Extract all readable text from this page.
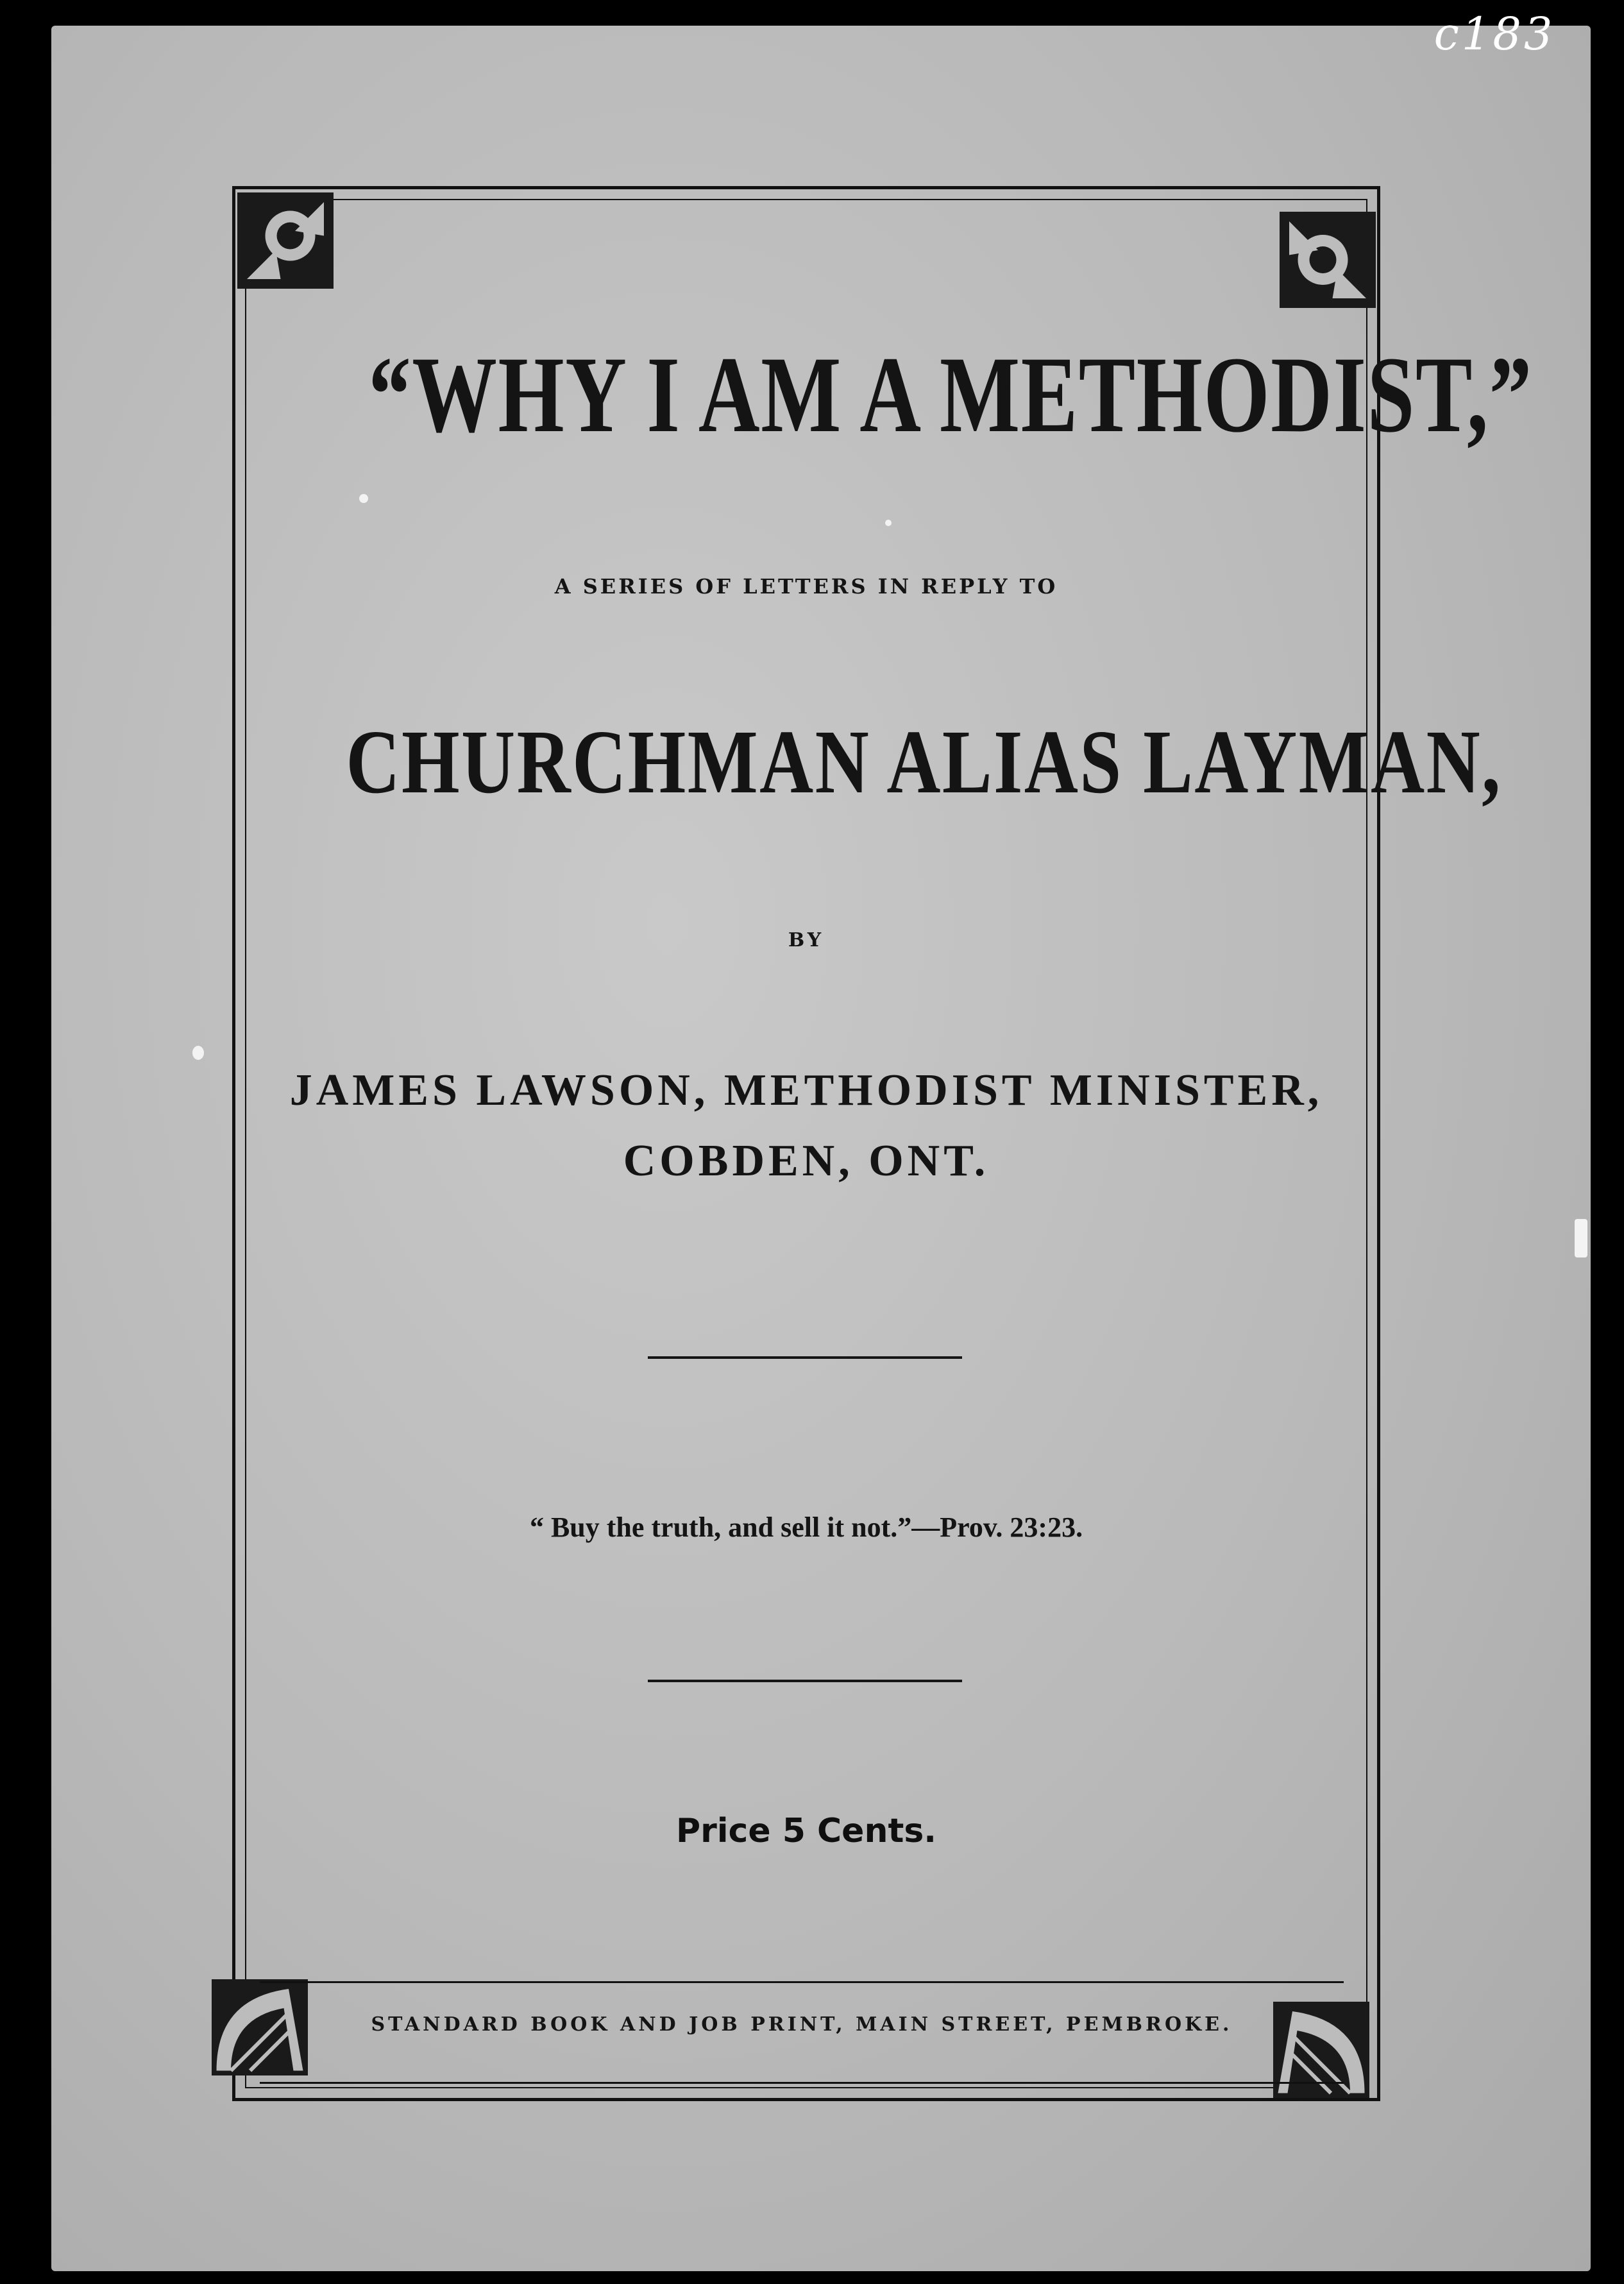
c183
“WHY I AM A METHODIST,”
A SERIES OF LETTERS IN REPLY TO
CHURCHMAN ALIAS LAYMAN,
BY
JAMES LAWSON, METHODIST MINISTER,
COBDEN, ONT.
“ Buy the truth, and sell it not.”—Prov. 23:23.
Price 5 Cents.
STANDARD BOOK AND JOB PRINT, MAIN STREET, PEMBROKE.
